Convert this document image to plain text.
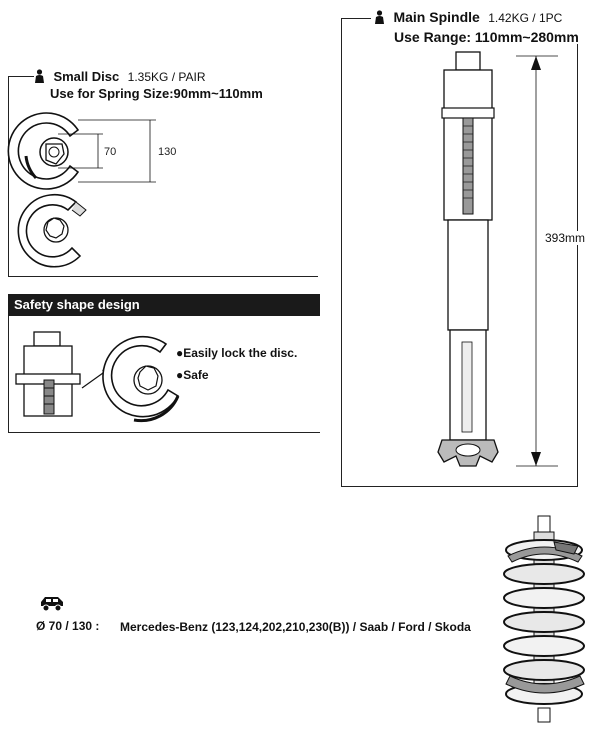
Small Disc 1.35KG / PAIR
Use for Spring Size:90mm~110mm
70	130
Safety shape design
●Easily lock the disc.
●Safe
Main Spindle 1.42KG / 1PC
Use Range: 110mm~280mm
393mm
Ø 70 / 130 : Mercedes-Benz (123,124,202,210,230(B)) / Saab / Ford / Skoda
